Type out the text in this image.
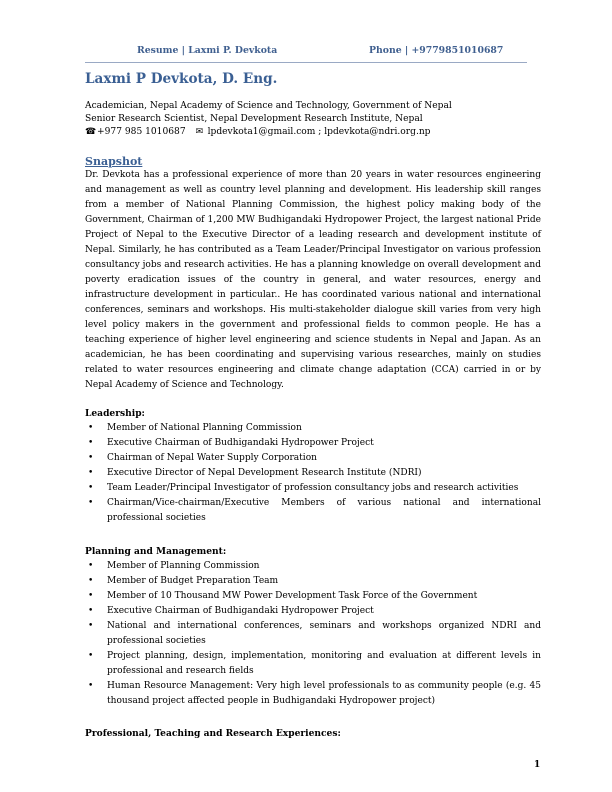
Resume | Laxmi P. Devkota	Phone | +9779851010687
Laxmi P Devkota, D. Eng.
Academician, Nepal Academy of Science and Technology, Government of Nepal
Senior Research Scientist, Nepal Development Research Institute, Nepal
☎+977 985 1010687 ✉ lpdevkota1@gmail.com ; lpdevkota@ndri.org.np
Snapshot
Dr. Devkota has a professional experience of more than 20 years in water resources engineering and management as well as country level planning and development. His leadership skill ranges from a member of National Planning Commission, the highest policy making body of the Government, Chairman of 1,200 MW Budhigandaki Hydropower Project, the largest national Pride Project of Nepal to the Executive Director of a leading research and development institute of Nepal. Similarly, he has contributed as a Team Leader/Principal Investigator on various profession consultancy jobs and research activities. He has a planning knowledge on overall development and poverty eradication issues of the country in general, and water resources, energy and infrastructure development in particular.. He has coordinated various national and international conferences, seminars and workshops. His multi-stakeholder dialogue skill varies from very high level policy makers in the government and professional fields to common people. He has a teaching experience of higher level engineering and science students in Nepal and Japan. As an academician, he has been coordinating and supervising various researches, mainly on studies related to water resources engineering and climate change adaptation (CCA) carried in or by Nepal Academy of Science and Technology.
Leadership:
• Member of National Planning Commission
• Executive Chairman of Budhigandaki Hydropower Project
• Chairman of Nepal Water Supply Corporation
• Executive Director of Nepal Development Research Institute (NDRI)
• Team Leader/Principal Investigator of profession consultancy jobs and research activities
• Chairman/Vice-chairman/Executive Members of various national and international professional societies
Planning and Management:
• Member of Planning Commission
• Member of Budget Preparation Team
• Member of 10 Thousand MW Power Development Task Force of the Government
• Executive Chairman of Budhigandaki Hydropower Project
• National and international conferences, seminars and workshops organized NDRI and professional societies
• Project planning, design, implementation, monitoring and evaluation at different levels in professional and research fields
• Human Resource Management: Very high level professionals to as community people (e.g. 45 thousand project affected people in Budhigandaki Hydropower project)
Professional, Teaching and Research Experiences:
1
